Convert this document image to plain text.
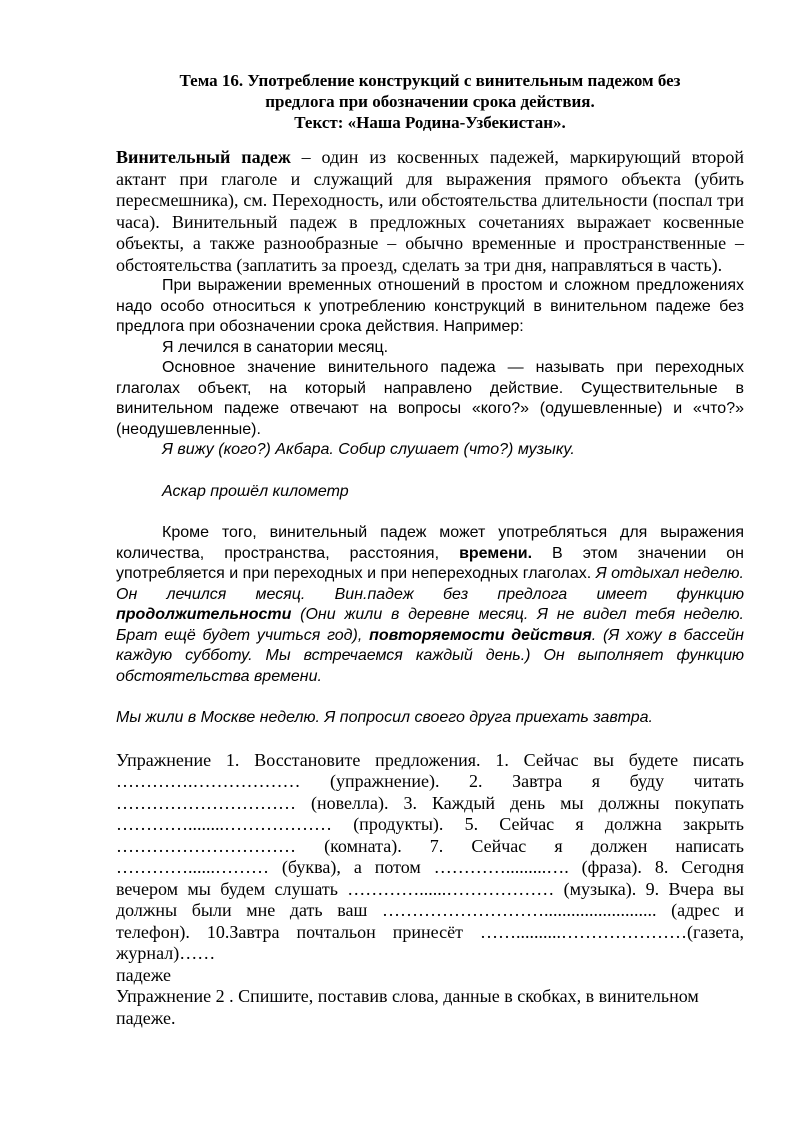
Тема 16. Употребление конструкций с винительным падежом без
предлога при обозначении срока действия.
Текст: «Наша Родина-Узбекистан».

Винительный падеж – один из косвенных падежей, маркирующий второй актант при глаголе и служащий для выражения прямого объекта (убить пересмешника), см. Переходность, или обстоятельства длительности (поспал три часа). Винительный падеж в предложных сочетаниях выражает косвенные объекты, а также разнообразные – обычно временные и пространственные – обстоятельства (заплатить за проезд, сделать за три дня, направляться в часть).

При выражении временных отношений в простом и сложном предложениях надо особо относиться к употреблению конструкций в винительном падеже без предлога при обозначении срока действия. Например:

Я лечился в санатории месяц.

Основное значение винительного падежа — называть при переходных глаголах объект, на который направлено действие. Существительные в винительном падеже отвечают на вопросы «кого?» (одушевленные) и «что?» (неодушевленные).

Я вижу (кого?) Акбара. Собир слушает (что?) музыку.

Аскар прошёл километр

Кроме того, винительный падеж может употребляться для выражения количества, пространства, расстояния, времени. В этом значении он употребляется и при переходных и при непереходных глаголах. Я отдыхал неделю. Он лечился месяц. Вин.падеж без предлога имеет функцию продолжительности (Они жили в деревне месяц. Я не видел тебя неделю. Брат ещё будет учиться год), повторяемости действия. (Я хожу в бассейн каждую субботу. Мы встречаемся каждый день.) Он выполняет функцию обстоятельства времени.

Мы жили в Москве неделю. Я попросил своего друга приехать завтра.

Упражнение 1. Восстановите предложения. 1. Сейчас вы будете писать ………….……………… (упражнение). 2. Завтра я буду читать ………………………… (новелла). 3. Каждый день мы должны покупать …………........……………… (продукты). 5. Сейчас я должна закрыть ………………………… (комната). 7. Сейчас я должен написать …………......……… (буква), а потом ………….........…. (фраза). 8. Сегодня вечером мы будем слушать …………......……………… (музыка). 9. Вчера вы должны были мне дать ваш ………………………......................... (адрес и телефон). 10.Завтра почтальон принесёт ……..........…………………(газета, журнал)……

падеже

Упражнение 2 . Спишите, поставив слова, данные в скобках, в винительном падеже.
